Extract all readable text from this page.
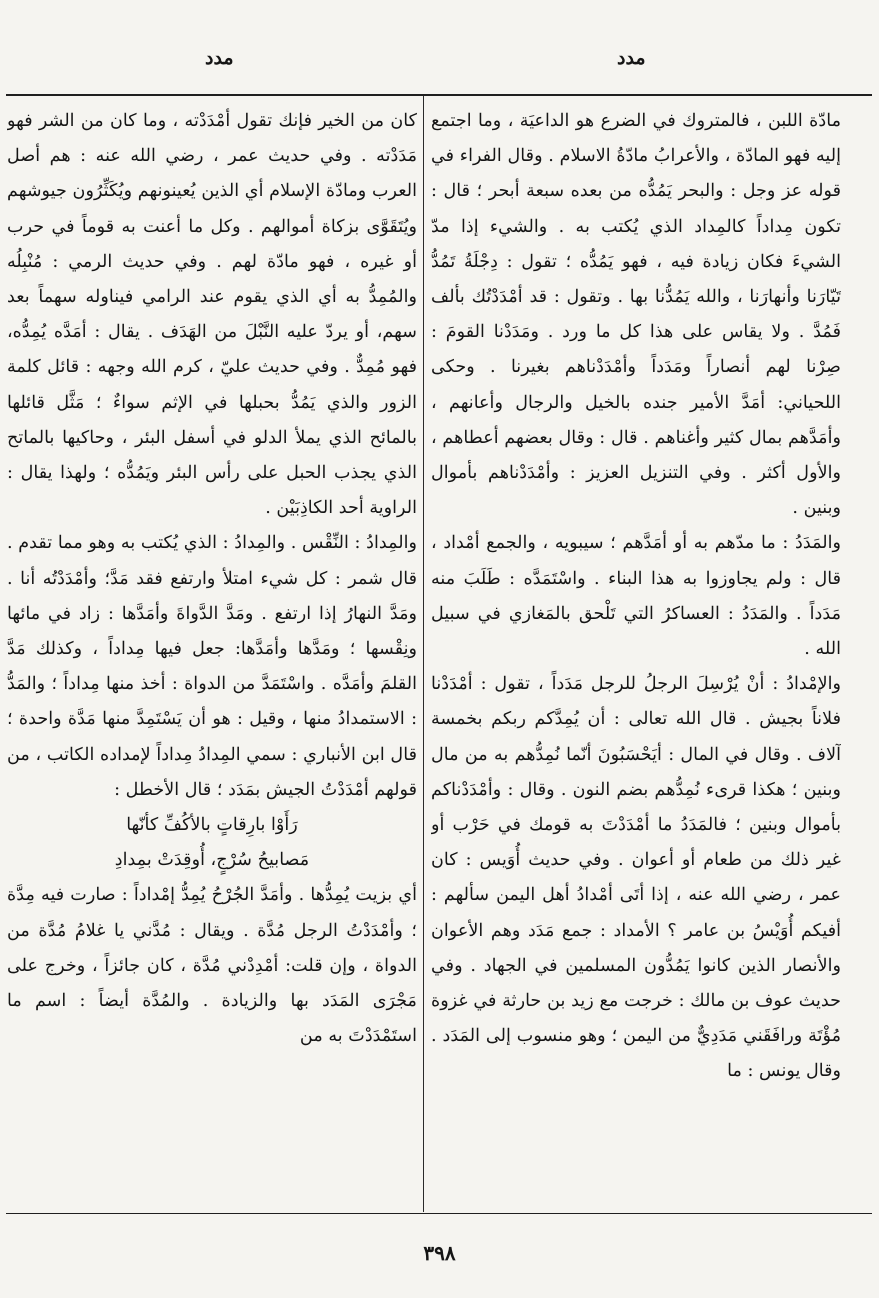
مدد
مدد

مادّة اللبن ، فالمتروك في الضرع هو الداعيَة ، وما اجتمع إليه فهو المادّة ، والأعرابُ مادّةُ الاسلام . وقال الفراء في قوله عز وجل : والبحر يَمُدُّه من بعده سبعة أبحر ؛ قال : تكون مِداداً كالمِداد الذي يُكتب به . والشيء إذا مدّ الشيءَ فكان زيادة فيه ، فهو يَمُدُّه ؛ تقول : دِجْلَةُ تَمُدُّ تَيّارَنا وأنهارَنا ، والله يَمُدُّنا بها . وتقول : قد أمْدَدْتُك بألف فَمُدَّ . ولا يقاس على هذا كل ما ورد . ومَدَدْنا القومَ : صِرْنا لهم أنصاراً ومَدَداً وأمْدَدْناهم بغيرنا . وحكى اللحياني: أمَدَّ الأمير جنده بالخيل والرجال وأعانهم ، وأمَدَّهم بمال كثير وأغناهم . قال : وقال بعضهم أعطاهم ، والأول أكثر . وفي التنزيل العزيز : وأمْدَدْناهم بأموال وبنين .

والمَدَدُ : ما مدّهم به أو أمَدَّهم ؛ سيبويه ، والجمع أمْداد ، قال : ولم يجاوزوا به هذا البناء . واسْتَمَدَّه : طَلَبَ منه مَدَداً . والمَدَدُ : العساكرُ التي تَلْحق بالمَغازي في سبيل الله .

والإمْدادُ : أنْ يُرْسِلَ الرجلُ للرجل مَدَداً ، تقول : أمْدَدْنا فلاناً بجيش . قال الله تعالى : أن يُمِدَّكم ربكم بخمسة آلاف . وقال في المال : أيَحْسَبُونَ أنّما نُمِدُّهم به من مال وبنين ؛ هكذا قرىء نُمِدُّهم بضم النون . وقال : وأمْدَدْناكم بأموال وبنين ؛ فالمَدَدُ ما أمْدَدْتَ به قومك في حَرْب أو غير ذلك من طعام أو أعوان . وفي حديث أُوَيس : كان عمر ، رضي الله عنه ، إذا أتَى أمْدادُ أهل اليمن سألهم : أفيكم أُوَيْسُ بن عامر ؟ الأمداد : جمع مَدَد وهم الأعوان والأنصار الذين كانوا يَمُدُّون المسلمين في الجهاد . وفي حديث عوف بن مالك : خرجت مع زيد بن حارثة في غزوة مُؤْتَة ورافَقَني مَدَدِيٌّ من اليمن ؛ وهو منسوب إلى المَدَد . وقال يونس : ما

كان من الخير فإنك تقول أمْدَدْته ، وما كان من الشر فهو مَدَدْته . وفي حديث عمر ، رضي الله عنه : هم أصل العرب ومادّة الإسلام أي الذين يُعينونهم ويُكَثِّرُون جيوشهم ويُتَقَوَّى بزكاة أموالهم . وكل ما أعنت به قوماً في حرب أو غيره ، فهو مادّة لهم . وفي حديث الرمي : مُنْبِلُه والمُمِدُّ به أي الذي يقوم عند الرامي فيناوله سهماً بعد سهم، أو يردّ عليه النَّبْلَ من الهَدَف . يقال : أمَدَّه يُمِدُّه، فهو مُمِدٌّ . وفي حديث عليّ ، كرم الله وجهه : قائل كلمة الزور والذي يَمُدُّ بحبلها في الإثم سواءٌ ؛ مَثَّل قائلها بالمائح الذي يملأ الدلو في أسفل البئر ، وحاكيها بالماتح الذي يجذب الحبل على رأس البئر ويَمُدُّه ؛ ولهذا يقال : الراوية أحد الكاذِبَيْن .

والمِدادُ : النِّقْس . والمِدادُ : الذي يُكتب به وهو مما تقدم . قال شمر : كل شيء امتلأ وارتفع فقد مَدَّ؛ وأمْدَدْتُه أنا . ومَدَّ النهارُ إذا ارتفع . ومَدَّ الدَّواةَ وأمَدَّها : زاد في مائها ونِقْسها ؛ ومَدَّها وأمَدَّها: جعل فيها مِداداً ، وكذلك مَدَّ القلمَ وأمَدَّه . واسْتَمَدَّ من الدواة : أخذ منها مِداداً ؛ والمَدُّ : الاستمدادُ منها ، وقيل : هو أن يَسْتَمِدَّ منها مَدَّة واحدة ؛ قال ابن الأنباري : سمي المِدادُ مِداداً لإمداده الكاتب ، من قولهم أمْدَدْتُ الجيش بمَدَد ؛ قال الأخطل :

رَأَوْا بارِقاتٍ بالأكُفِّ كأنّها

مَصابيحُ سُرْجٍ، أُوقِدَتْ بمِدادِ

أي بزيت يُمِدُّها . وأمَدَّ الجُرْحُ يُمِدُّ إمْداداً : صارت فيه مِدَّة ؛ وأمْدَدْتُ الرجل مُدَّة . ويقال : مُدَّني يا غلامُ مُدَّة من الدواة ، وإن قلت: أمْدِدْني مُدَّة ، كان جائزاً ، وخرج على مَجْرَى المَدَد بها والزيادة . والمُدَّة أيضاً : اسم ما استَمْدَدْتَ به من

٣٩٨
